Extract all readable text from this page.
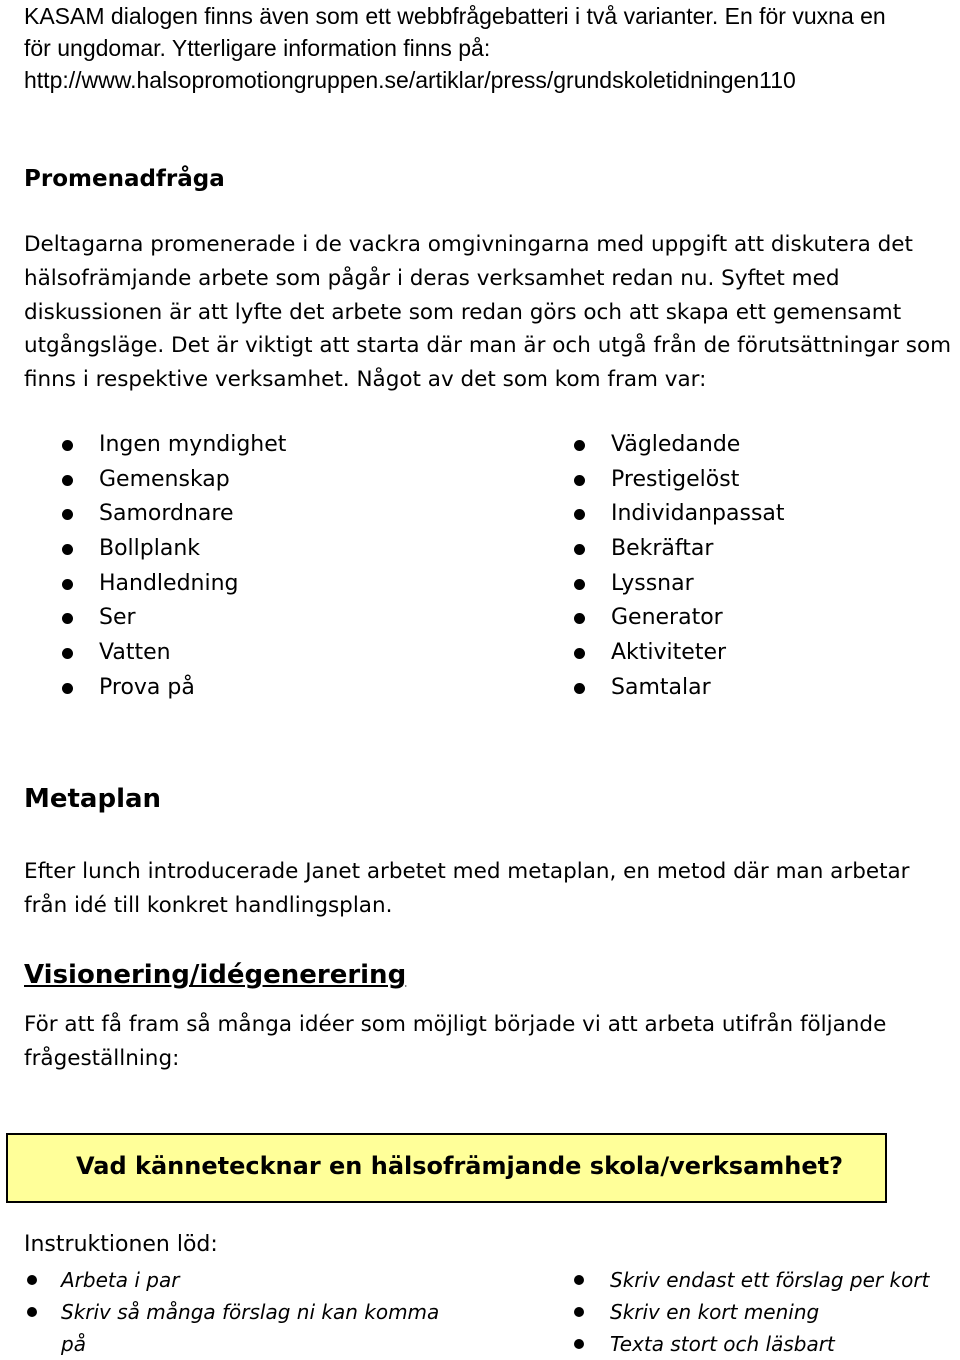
KASAM dialogen finns även som ett webbfrågebatteri i två varianter. En för vuxna en
för ungdomar. Ytterligare information finns på:
http://www.halsopromotiongruppen.se/artiklar/press/grundskoletidningen110
Promenadfråga
Deltagarna promenerade i de vackra omgivningarna med uppgift att diskutera det
hälsofrämjande arbete som pågår i deras verksamhet redan nu. Syftet med
diskussionen är att lyfte det arbete som redan görs och att skapa ett gemensamt
utgångsläge. Det är viktigt att starta där man är och utgå från de förutsättningar som
finns i respektive verksamhet. Något av det som kom fram var:
Ingen myndighet
Gemenskap
Samordnare
Bollplank
Handledning
Ser
Vatten
Prova på
Vägledande
Prestigelöst
Individanpassat
Bekräftar
Lyssnar
Generator
Aktiviteter
Samtalar
Metaplan
Efter lunch introducerade Janet arbetet med metaplan, en metod där man arbetar
från idé till konkret handlingsplan.
Visionering/idégenerering
För att få fram så många idéer som möjligt började vi att arbeta utifrån följande
frågeställning:
Vad kännetecknar en hälsofrämjande skola/verksamhet?

Instruktionen löd:

Arbeta i par
Skriv så många förslag ni kan komma
på
Skriv endast ett förslag per kort
Skriv en kort mening
Texta stort och läsbart
